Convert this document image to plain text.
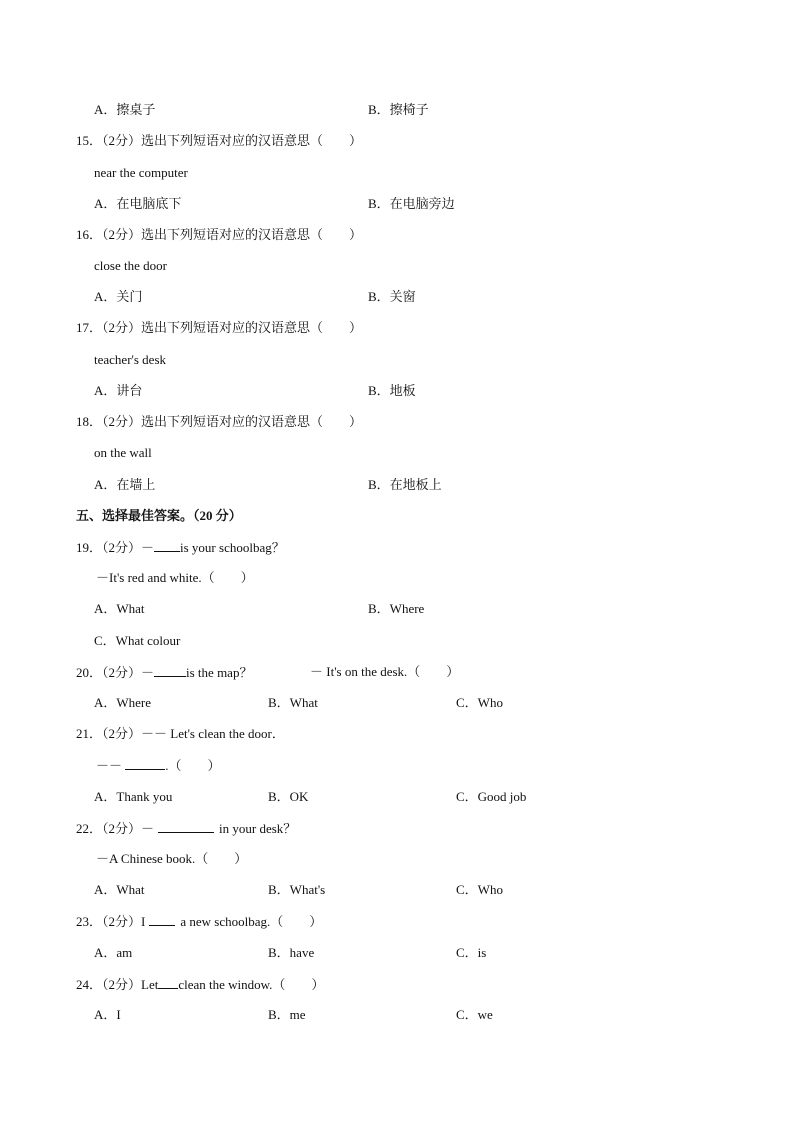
A．擦桌子	B．擦椅子
15．（2分）选出下列短语对应的汉语意思（　　）
near the computer
A．在电脑底下	B．在电脑旁边
16．（2分）选出下列短语对应的汉语意思（　　）
close the door
A．关门	B．关窗
17．（2分）选出下列短语对应的汉语意思（　　）
teacher's desk
A．讲台	B．地板
18．（2分）选出下列短语对应的汉语意思（　　）
on the wall
A．在墙上	B．在地板上
五、选择最佳答案。（20 分）
19．（2分）－ is your schoolbag？
－It's red and white.（　　）
A．What	B．Where
C．What colour
20．（2分）－ is the map？	－ It's on the desk.（　　）
A．Where	B．What	C．Who
21．（2分）－－ Let's clean the door．
－－	.（　　）
A．Thank you	B．OK	C．Good job
22．（2分）－	in your desk？
－A Chinese book.（　　）
A．What	B．What's	C．Who
23．（2分）I	a new schoolbag.（　　）
A．am	B．have	C．is
24．（2分）Let clean the window.（　　）
A．I	B．me	C．we
